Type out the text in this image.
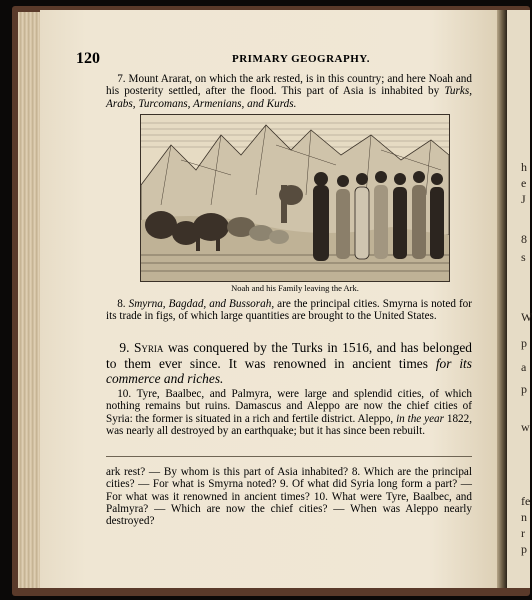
120	PRIMARY GEOGRAPHY.

 7. Mount Ararat, on which the ark rested, is in this country; and here Noah and his posterity settled, after the flood. This part of Asia is inhabited by Turks, Arabs, Turcomans, Armenians, and Kurds.

Noah and his Family leaving the Ark.

 8. Smyrna, Bagdad, and Bussorah, are the principal cities. Smyrna is noted for its trade in figs, of which large quantities are brought to the United States.

 9. Syria was conquered by the Turks in 1516, and has belonged to them ever since. It was renowned in ancient times for its commerce and riches.

 10. Tyre, Baalbec, and Palmyra, were large and splendid cities, of which nothing remains but ruins. Damascus and Aleppo are now the chief cities of Syria: the former is situated in a rich and fertile district. Aleppo, in the year 1822, was nearly all destroyed by an earthquake; but it has since been rebuilt.

ark rest? — By whom is this part of Asia inhabited? 8. Which are the principal cities? — For what is Smyrna noted? 9. Of what did Syria long form a part? — For what was it renowned in ancient times? 10. What were Tyre, Baalbec, and Palmyra? — Which are now the chief cities? — When was Aleppo nearly destroyed?

h
e
J
8
s
W
p
a
p
w
fe
n
r
p
